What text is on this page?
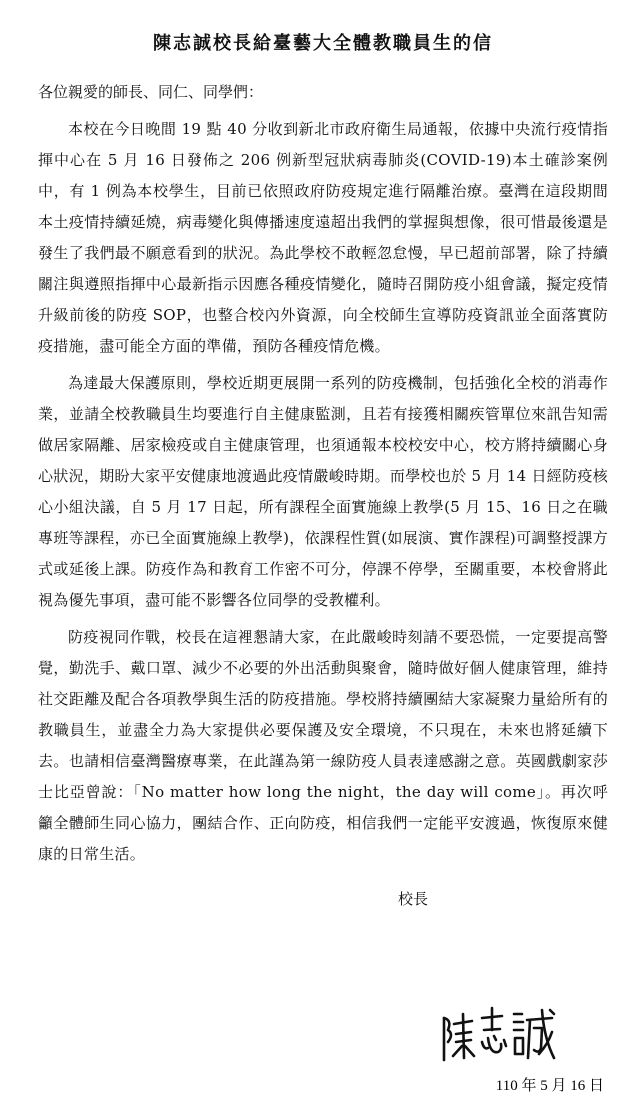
陳志誠校長給臺藝大全體教職員生的信

各位親愛的師長、同仁、同學們：

本校在今日晚間 19 點 40 分收到新北市政府衛生局通報，依據中央流行疫情指揮中心在 5 月 16 日發佈之 206 例新型冠狀病毒肺炎(COVID-19)本土確診案例中，有 1 例為本校學生，目前已依照政府防疫規定進行隔離治療。臺灣在這段期間本土疫情持續延燒，病毒變化與傳播速度遠超出我們的掌握與想像，很可惜最後還是發生了我們最不願意看到的狀況。為此學校不敢輕忽怠慢，早已超前部署，除了持續關注與遵照指揮中心最新指示因應各種疫情變化，隨時召開防疫小組會議，擬定疫情升級前後的防疫 SOP，也整合校內外資源，向全校師生宣導防疫資訊並全面落實防疫措施，盡可能全方面的準備，預防各種疫情危機。

為達最大保護原則，學校近期更展開一系列的防疫機制，包括強化全校的消毒作業，並請全校教職員生均要進行自主健康監測，且若有接獲相關疾管單位來訊告知需做居家隔離、居家檢疫或自主健康管理，也須通報本校校安中心，校方將持續關心身心狀況，期盼大家平安健康地渡過此疫情嚴峻時期。而學校也於 5 月 14 日經防疫核心小組決議，自 5 月 17 日起，所有課程全面實施線上教學(5 月 15、16 日之在職專班等課程，亦已全面實施線上教學)，依課程性質(如展演、實作課程)可調整授課方式或延後上課。防疫作為和教育工作密不可分，停課不停學，至關重要，本校會將此視為優先事項，盡可能不影響各位同學的受教權利。

防疫視同作戰，校長在這裡懇請大家，在此嚴峻時刻請不要恐慌，一定要提高警覺，勤洗手、戴口罩、減少不必要的外出活動與聚會，隨時做好個人健康管理，維持社交距離及配合各項教學與生活的防疫措施。學校將持續團結大家凝聚力量給所有的教職員生，並盡全力為大家提供必要保護及安全環境，不只現在，未來也將延續下去。也請相信臺灣醫療專業，在此謹為第一線防疫人員表達感謝之意。英國戲劇家莎士比亞曾說：「No matter how long the night，the day will come」。再次呼籲全體師生同心協力，團結合作、正向防疫，相信我們一定能平安渡過，恢復原來健康的日常生活。

校長

110 年 5 月 16 日
